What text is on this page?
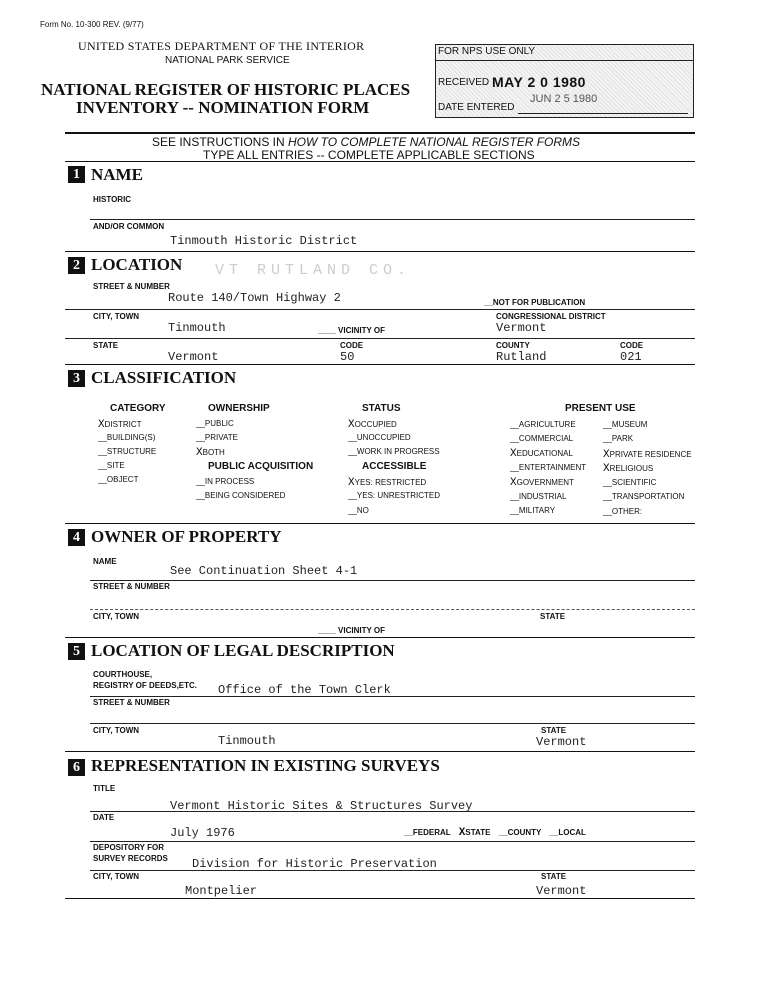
Form No. 10-300 REV. (9/77)
UNITED STATES DEPARTMENT OF THE INTERIOR
NATIONAL PARK SERVICE
NATIONAL REGISTER OF HISTORIC PLACES
INVENTORY -- NOMINATION FORM
FOR NPS USE ONLY
RECEIVED MAY 2 0 1980
JUN 2 5 1980
DATE ENTERED
SEE INSTRUCTIONS IN HOW TO COMPLETE NATIONAL REGISTER FORMS
TYPE ALL ENTRIES -- COMPLETE APPLICABLE SECTIONS
1 NAME
HISTORIC
AND/OR COMMON
Tinmouth Historic District
2 LOCATION VT RUTLAND CO.
STREET & NUMBER
Route 140/Town Highway 2	__NOT FOR PUBLICATION
CITY, TOWN
Tinmouth	____ VICINITY OF
CONGRESSIONAL DISTRICT
Vermont
STATE
Vermont
CODE
50
COUNTY
Rutland
CODE
021
3 CLASSIFICATION
CATEGORY	OWNERSHIP	STATUS	PRESENT USE
PUBLIC ACQUISITION	ACCESSIBLE
XDISTRICT
__BUILDING(S)
__STRUCTURE
__SITE
__OBJECT
__PUBLIC
__PRIVATE
XBOTH
__IN PROCESS
__BEING CONSIDERED
XOCCUPIED
__UNOCCUPIED
__WORK IN PROGRESS
XYES: RESTRICTED
__YES: UNRESTRICTED
__NO
__AGRICULTURE
__COMMERCIAL
XEDUCATIONAL
__ENTERTAINMENT
XGOVERNMENT
__INDUSTRIAL
__MILITARY
__MUSEUM
__PARK
XPRIVATE RESIDENCE
XRELIGIOUS
__SCIENTIFIC
__TRANSPORTATION
__OTHER:
4 OWNER OF PROPERTY
NAME
See Continuation Sheet 4-1
STREET & NUMBER
CITY, TOWN	STATE
____ VICINITY OF
5 LOCATION OF LEGAL DESCRIPTION
COURTHOUSE,
REGISTRY OF DEEDS,ETC. Office of the Town Clerk
STREET & NUMBER
CITY, TOWN
Tinmouth
STATE
Vermont
6 REPRESENTATION IN EXISTING SURVEYS
TITLE
Vermont Historic Sites & Structures Survey
DATE
July 1976	__FEDERAL XSTATE __COUNTY __LOCAL
DEPOSITORY FOR
SURVEY RECORDS Division for Historic Preservation
CITY, TOWN
Montpelier
STATE
Vermont
